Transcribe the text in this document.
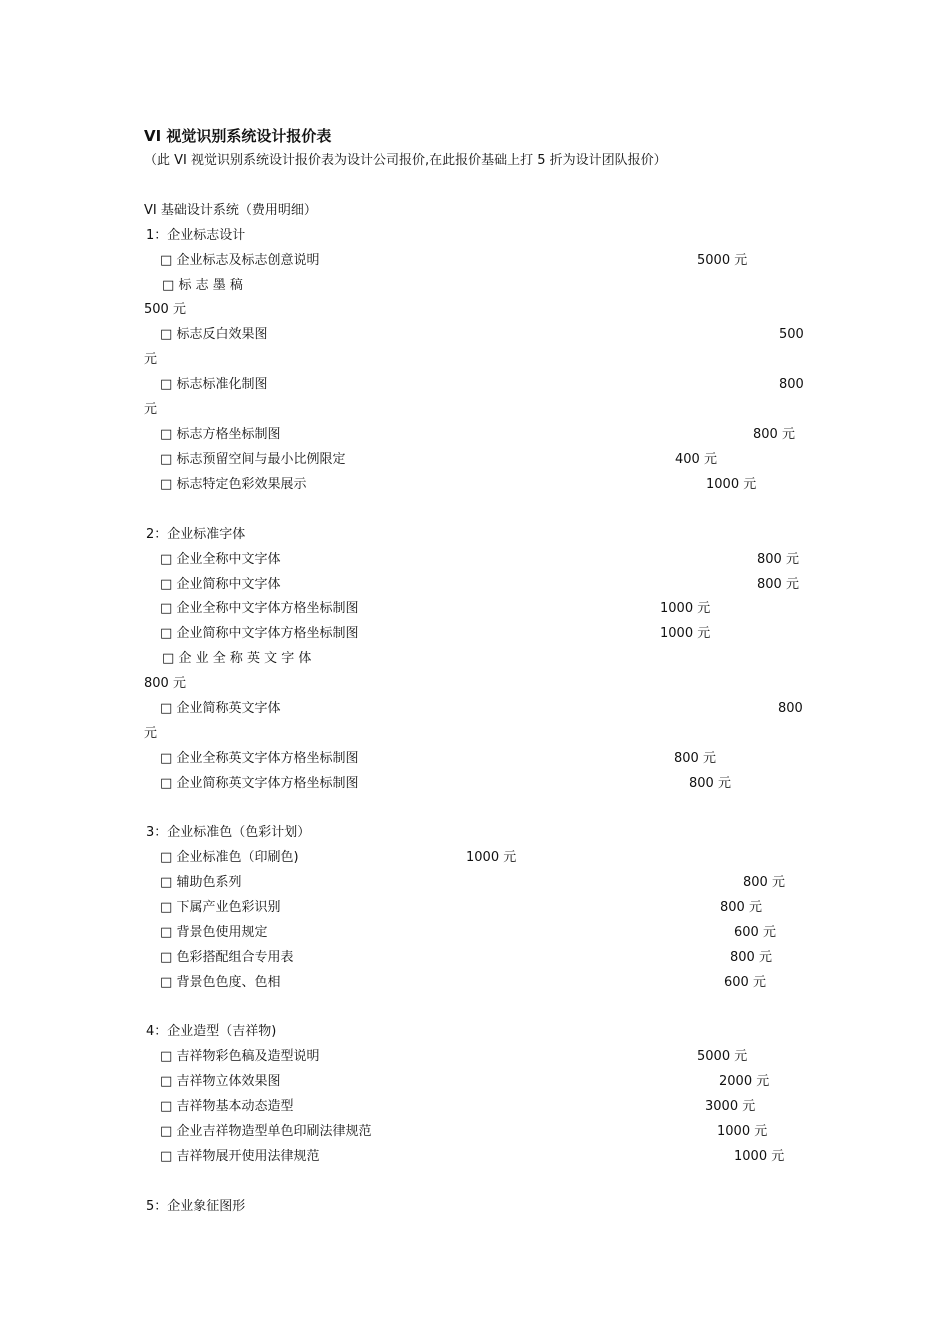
VI 视觉识别系统设计报价表
（此 VI 视觉识别系统设计报价表为设计公司报价,在此报价基础上打 5 折为设计团队报价）
VI 基础设计系统（费用明细）
1：企业标志设计
□ 企业标志及标志创意说明	5000 元
□ 标 志 墨 稿
500 元
□ 标志反白效果图	500
元
□ 标志标准化制图	800
元
□ 标志方格坐标制图	800 元
□ 标志预留空间与最小比例限定	400 元
□ 标志特定色彩效果展示	1000 元
2：企业标准字体
□ 企业全称中文字体	800 元
□ 企业简称中文字体	800 元
□ 企业全称中文字体方格坐标制图	1000 元
□ 企业简称中文字体方格坐标制图	1000 元
□ 企 业 全 称 英 文 字 体
800 元
□ 企业简称英文字体	800
元
□ 企业全称英文字体方格坐标制图	800 元
□ 企业简称英文字体方格坐标制图	800 元
3：企业标准色（色彩计划）
□ 企业标准色（印刷色)	1000 元
□ 辅助色系列	800 元
□ 下属产业色彩识别	800 元
□ 背景色使用规定	600 元
□ 色彩搭配组合专用表	800 元
□ 背景色色度、色相	600 元
4：企业造型（吉祥物)
□ 吉祥物彩色稿及造型说明	5000 元
□ 吉祥物立体效果图	2000 元
□ 吉祥物基本动态造型	3000 元
□ 企业吉祥物造型单色印刷法律规范	1000 元
□ 吉祥物展开使用法律规范	1000 元
5：企业象征图形
